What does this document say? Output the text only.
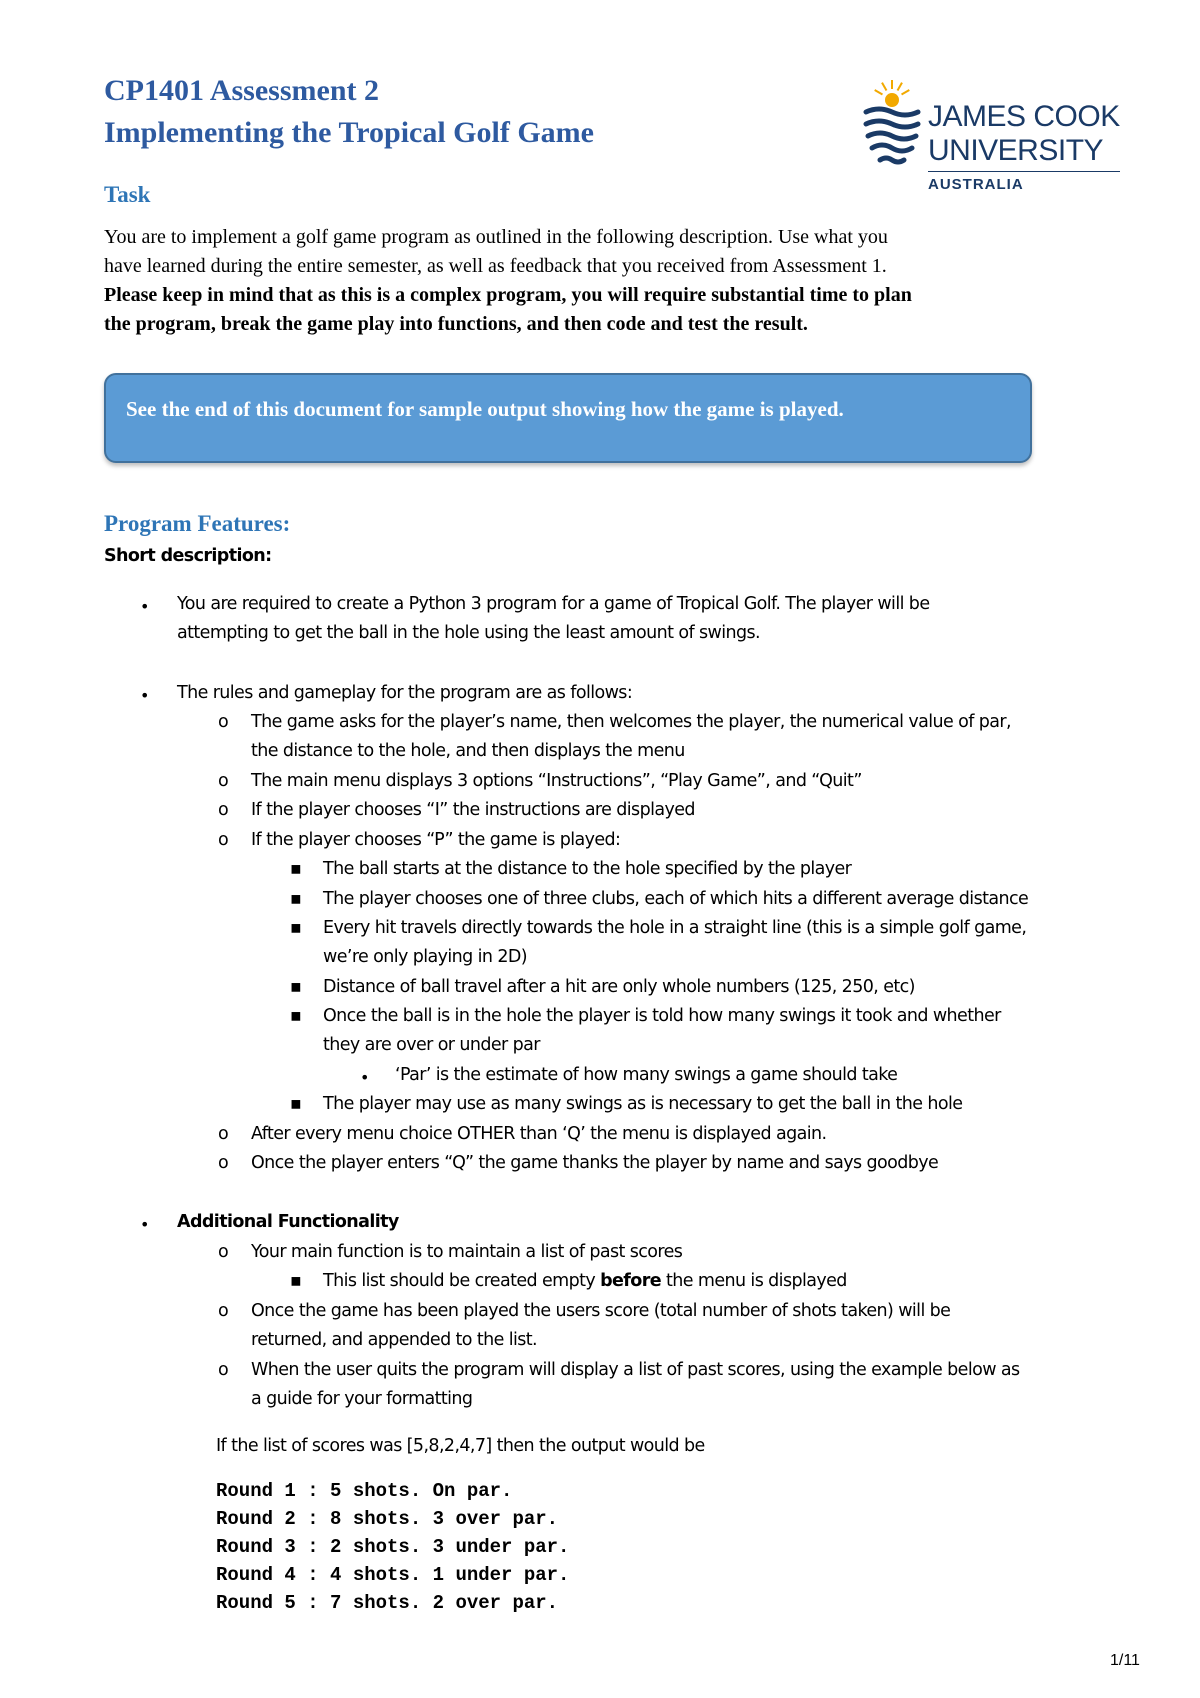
CP1401 Assessment 2
Implementing the Tropical Golf Game	JAMES COOK
UNIVERSITY
AUSTRALIA
Task
You are to implement a golf game program as outlined in the following description. Use what you
have learned during the entire semester, as well as feedback that you received from Assessment 1.
Please keep in mind that as this is a complex program, you will require substantial time to plan
the program, break the game play into functions, and then code and test the result.
See the end of this document for sample output showing how the game is played.
Program Features:
Short description:
• You are required to create a Python 3 program for a game of Tropical Golf. The player will be
attempting to get the ball in the hole using the least amount of swings.
• The rules and gameplay for the program are as follows:
o The game asks for the player’s name, then welcomes the player, the numerical value of par,
the distance to the hole, and then displays the menu
o The main menu displays 3 options “Instructions”, “Play Game”, and “Quit”
o If the player chooses “I” the instructions are displayed
o If the player chooses “P” the game is played:
▪ The ball starts at the distance to the hole specified by the player
▪ The player chooses one of three clubs, each of which hits a different average distance
▪ Every hit travels directly towards the hole in a straight line (this is a simple golf game,
we’re only playing in 2D)
▪ Distance of ball travel after a hit are only whole numbers (125, 250, etc)
▪ Once the ball is in the hole the player is told how many swings it took and whether
they are over or under par
• ‘Par’ is the estimate of how many swings a game should take
▪ The player may use as many swings as is necessary to get the ball in the hole
o After every menu choice OTHER than ‘Q’ the menu is displayed again.
o Once the player enters “Q” the game thanks the player by name and says goodbye
• Additional Functionality
o Your main function is to maintain a list of past scores
▪ This list should be created empty before the menu is displayed
o Once the game has been played the users score (total number of shots taken) will be
returned, and appended to the list.
o When the user quits the program will display a list of past scores, using the example below as
a guide for your formatting
If the list of scores was [5,8,2,4,7] then the output would be
Round 1 : 5 shots. On par.
Round 2 : 8 shots. 3 over par.
Round 3 : 2 shots. 3 under par.
Round 4 : 4 shots. 1 under par.
Round 5 : 7 shots. 2 over par.
1/11
